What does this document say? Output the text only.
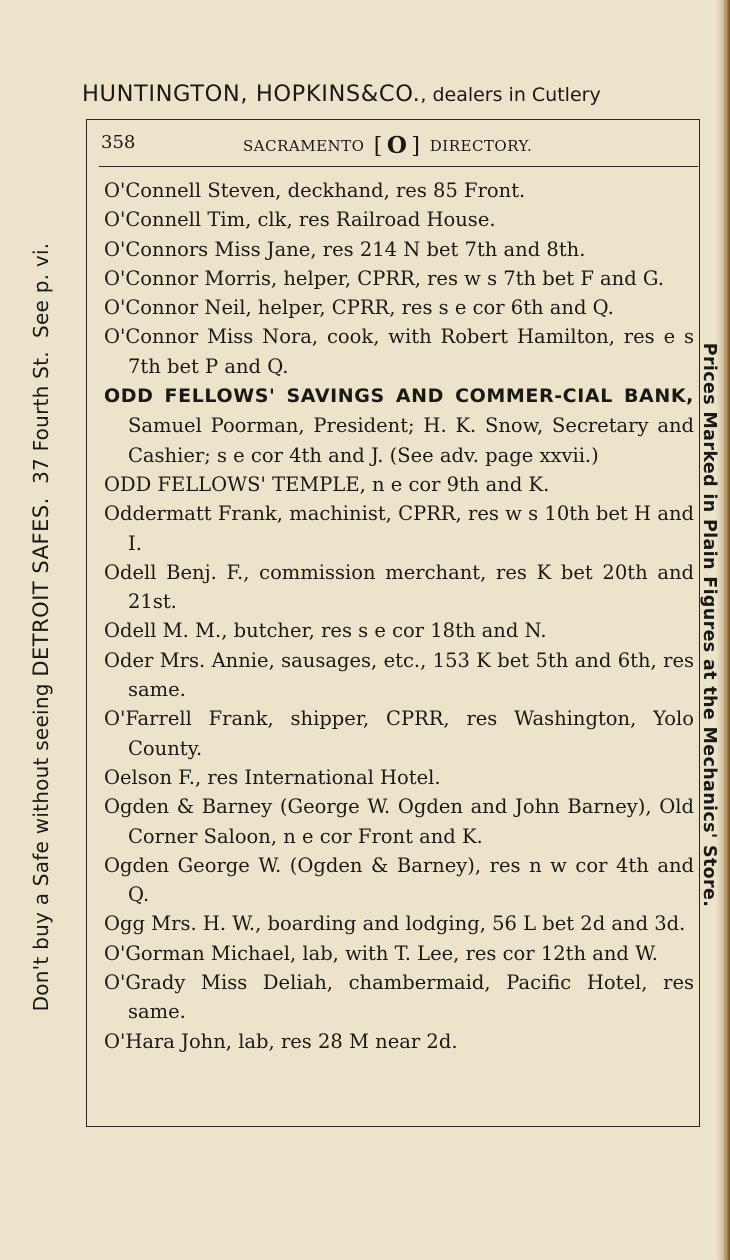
HUNTINGTON, HOPKINS&CO., dealers in Cutlery
Don't buy a Safe without seeing DETROIT SAFES.  37 Fourth St.  See p. vi.	Prices Marked in Plain Figures at the Mechanics' Store.
358	SACRAMENTO [ O ] DIRECTORY.

O'Connell Steven, deckhand, res 85 Front.

O'Connell Tim, clk, res Railroad House.

O'Connors Miss Jane, res 214 N bet 7th and 8th.

O'Connor Morris, helper, CPRR, res w s 7th bet F and G.

O'Connor Neil, helper, CPRR, res s e cor 6th and Q.

O'Connor Miss Nora, cook, with Robert Hamilton, res e s 7th bet P and Q.

ODD FELLOWS' SAVINGS AND COMMER-CIAL BANK, Samuel Poorman, President; H. K. Snow, Secretary and Cashier; s e cor 4th and J. (See adv. page xxvii.)

ODD FELLOWS' TEMPLE, n e cor 9th and K.

Oddermatt Frank, machinist, CPRR, res w s 10th bet H and I.

Odell Benj. F., commission merchant, res K bet 20th and 21st.

Odell M. M., butcher, res s e cor 18th and N.

Oder Mrs. Annie, sausages, etc., 153 K bet 5th and 6th, res same.

O'Farrell Frank, shipper, CPRR, res Washington, Yolo County.

Oelson F., res International Hotel.

Ogden & Barney (George W. Ogden and John Barney), Old Corner Saloon, n e cor Front and K.

Ogden George W. (Ogden & Barney), res n w cor 4th and Q.

Ogg Mrs. H. W., boarding and lodging, 56 L bet 2d and 3d.

O'Gorman Michael, lab, with T. Lee, res cor 12th and W.

O'Grady Miss Deliah, chambermaid, Pacific Hotel, res same.

O'Hara John, lab, res 28 M near 2d.
